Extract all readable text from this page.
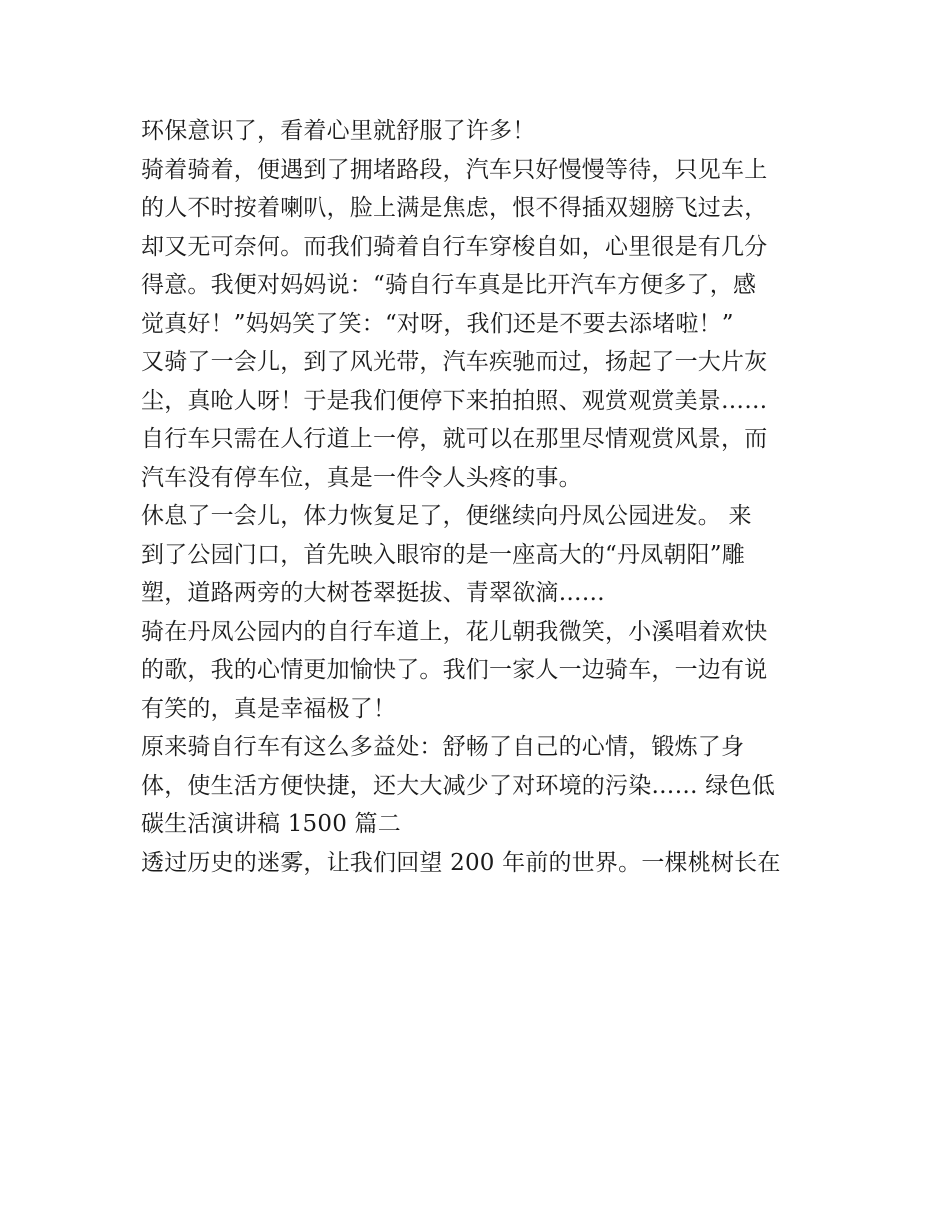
环保意识了，看着心里就舒服了许多！
骑着骑着，便遇到了拥堵路段，汽车只好慢慢等待，只见车上
的人不时按着喇叭，脸上满是焦虑，恨不得插双翅膀飞过去，
却又无可奈何。而我们骑着自行车穿梭自如，心里很是有几分
得意。我便对妈妈说：“骑自行车真是比开汽车方便多了，感
觉真好！”妈妈笑了笑：“对呀，我们还是不要去添堵啦！”
又骑了一会儿，到了风光带，汽车疾驰而过，扬起了一大片灰
尘，真呛人呀！于是我们便停下来拍拍照、观赏观赏美景……
自行车只需在人行道上一停，就可以在那里尽情观赏风景，而
汽车没有停车位，真是一件令人头疼的事。
休息了一会儿，体力恢复足了，便继续向丹凤公园进发。 来
到了公园门口，首先映入眼帘的是一座高大的“丹凤朝阳”雕
塑，道路两旁的大树苍翠挺拔、青翠欲滴……
骑在丹凤公园内的自行车道上，花儿朝我微笑，小溪唱着欢快
的歌，我的心情更加愉快了。我们一家人一边骑车，一边有说
有笑的，真是幸福极了！
原来骑自行车有这么多益处：舒畅了自己的心情，锻炼了身
体，使生活方便快捷，还大大减少了对环境的污染…… 绿色低
碳生活演讲稿 1500 篇二
透过历史的迷雾，让我们回望 200 年前的世界。一棵桃树长在
